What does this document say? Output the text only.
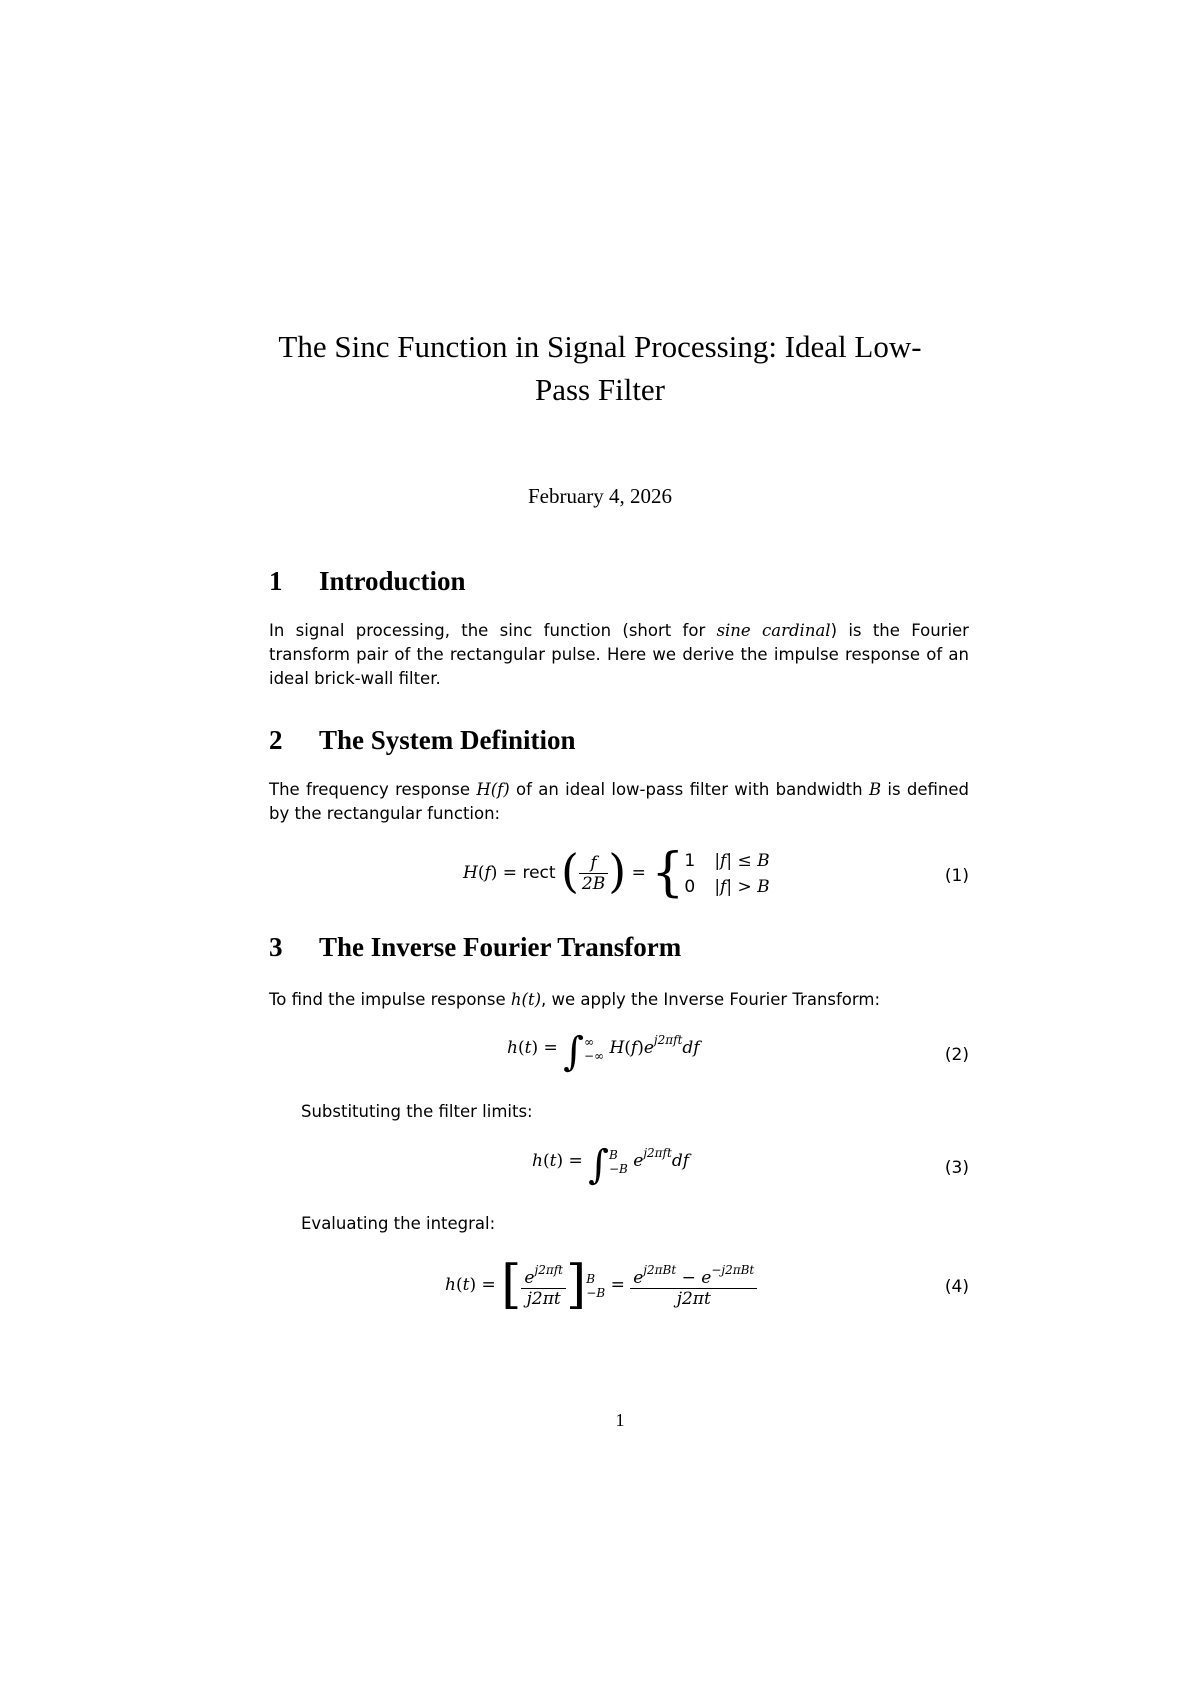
The Sinc Function in Signal Processing: Ideal Low-Pass Filter
February 4, 2026
1 Introduction
In signal processing, the sinc function (short for sine cardinal) is the Fourier transform pair of the rectangular pulse. Here we derive the impulse response of an ideal brick-wall filter.
2 The System Definition
The frequency response H(f) of an ideal low-pass filter with bandwidth B is defined by the rectangular function:
H(f) = rect ( $\frac{f}{2B}$ ) = { 1 |f| ≤ B
0 |f| > B
(1)
3 The Inverse Fourier Transform
To find the impulse response h(t), we apply the Inverse Fourier Transform:
h(t) = ∫ ∞
−∞ $H(f)e^{j2\pi ft}df$	(2)
Substituting the filter limits:
h(t) = ∫ B
−B $e^{j2\pi ft}df$	(3)
Evaluating the integral:
h(t) = [ $\frac{e^{j2\pi ft}}{j2\pi t}$ ] B
$-B = \frac{e^{j2\pi Bt} - e^{-j2\pi Bt}}{j2\pi t}$	(4)
1
